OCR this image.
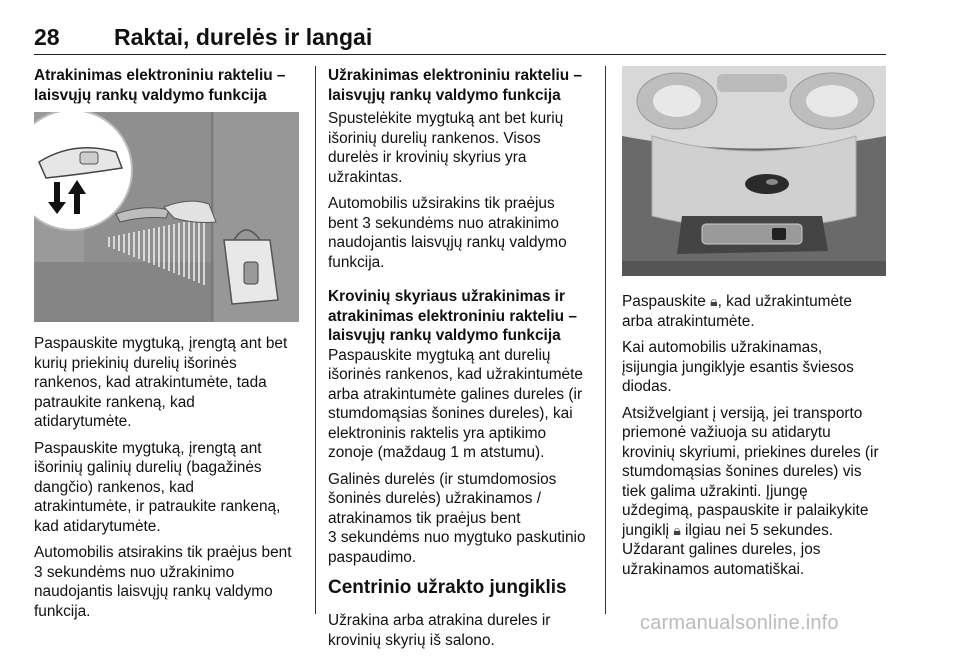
28 Raktai, durelės ir langai
Atrakinimas elektroniniu rakteliu –
laisvųjų rankų valdymo funkcija

Paspauskite mygtuką, įrengtą ant bet
kurių priekinių durelių išorinės
rankenos, kad atrakintumėte, tada
patraukite rankeną, kad
atidarytumėte.

Paspauskite mygtuką, įrengtą ant
išorinių galinių durelių (bagažinės
dangčio) rankenos, kad
atrakintumėte, ir patraukite rankeną,
kad atidarytumėte.

Automobilis atsirakins tik praėjus bent
3 sekundėms nuo užrakinimo
naudojantis laisvųjų rankų valdymo
funkcija.

Užrakinimas elektroniniu rakteliu –
laisvųjų rankų valdymo funkcija

Spustelėkite mygtuką ant bet kurių
išorinių durelių rankenos. Visos
durelės ir krovinių skyrius yra
užrakintas.

Automobilis užsirakins tik praėjus
bent 3 sekundėms nuo atrakinimo
naudojantis laisvųjų rankų valdymo
funkcija.

Krovinių skyriaus užrakinimas ir
atrakinimas elektroniniu rakteliu –
laisvųjų rankų valdymo funkcija

Paspauskite mygtuką ant durelių
išorinės rankenos, kad užrakintumėte
arba atrakintumėte galines dureles (ir
stumdomąsias šonines dureles), kai
elektroninis raktelis yra aptikimo
zonoje (maždaug 1 m atstumu).

Galinės durelės (ir stumdomosios
šoninės durelės) užrakinamos /
atrakinamos tik praėjus bent
3 sekundėms nuo mygtuko paskutinio
paspaudimo.

Centrinio užrakto jungiklis

Užrakina arba atrakina dureles ir
krovinių skyrių iš salono.

Paspauskite 🔒︎, kad užrakintumėte
arba atrakintumėte.

Kai automobilis užrakinamas,
įsijungia jungiklyje esantis šviesos
diodas.

Atsižvelgiant į versiją, jei transporto
priemonė važiuoja su atidarytu
krovinių skyriumi, priekines dureles (ir
stumdomąsias šonines dureles) vis
tiek galima užrakinti. Įjungę
uždegimą, paspauskite ir palaikykite
jungiklį 🔒︎ ilgiau nei 5 sekundes.
Uždarant galines dureles, jos
užrakinamos automatiškai.

carmanualsonline.info
